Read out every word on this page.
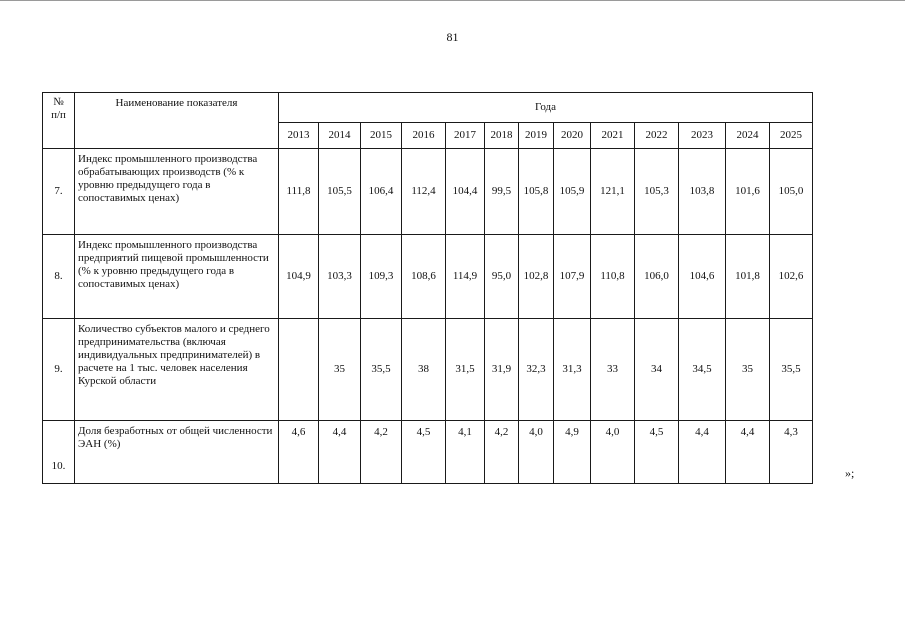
81
№
п/п	Наименование показателя	Года												
		2013	2014	2015	2016	2017	2018	2019	2020	2021	2022	2023	2024	2025
7.	Индекс промышленного производства обрабатывающих производств (% к уровню предыдущего года в сопоставимых ценах)	111,8	105,5	106,4	112,4	104,4	99,5	105,8	105,9	121,1	105,3	103,8	101,6	105,0
8.	Индекс промышленного производства предприятий пищевой промышленности (% к уровню предыдущего года в сопоставимых ценах)	104,9	103,3	109,3	108,6	114,9	95,0	102,8	107,9	110,8	106,0	104,6	101,8	102,6
9.	Количество субъектов малого и среднего предпринимательства (включая индивидуальных предпринимателей) в расчете на 1 тыс. человек населения Курской области		35	35,5	38	31,5	31,9	32,3	31,3	33	34	34,5	35	35,5
10.	Доля безработных от общей численности ЭАН (%)	4,6	4,4	4,2	4,5	4,1	4,2	4,0	4,9	4,0	4,5	4,4	4,4	4,3
»;
